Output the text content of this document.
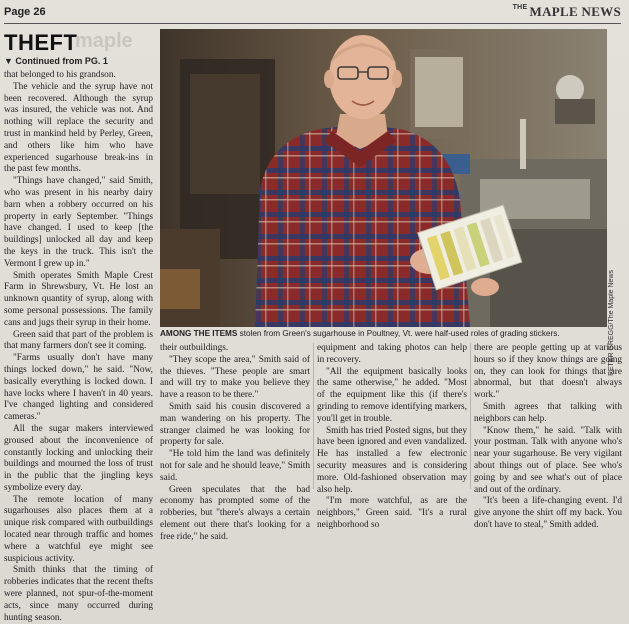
Page 26	$^{THE}$ MAPLE NEWS
THEFT
maple
▼ Continued from PG. 1

that belonged to his grandson.

The vehicle and the syrup have not been recovered. Although the syrup was insured, the vehicle was not. And nothing will replace the security and trust in mankind held by Perley, Green, and others like him who have experienced sugarhouse break-ins in the past few months.

"Things have changed," said Smith, who was present in his nearby dairy barn when a robbery occurred on his property in early September. "Things have changed. I used to keep [the buildings] unlocked all day and keep the keys in the truck. This isn't the Vermont I grew up in."

Smith operates Smith Maple Crest Farm in Shrewsbury, Vt. He lost an unknown quantity of syrup, along with some personal possessions. The family cans and jugs their syrup in their home.

Green said that part of the problem is that many farmers don't see it coming.

"Farms usually don't have many things locked down," he said. "Now, basically everything is locked down. I have locks where I haven't in 40 years. I've changed lighting and considered cameras."

All the sugar makers interviewed groused about the inconvenience of constantly locking and unlocking their buildings and mourned the loss of trust in the public that the jingling keys symbolize every day.

The remote location of many sugarhouses also places them at a unique risk compared with outbuildings located near through traffic and homes where a watchful eye might see suspicious activity.

Smith thinks that the timing of robberies indicates that the recent thefts were planned, not spur-of-the-moment acts, since many occurred during hunting season.

PETER GREGG/The Maple News
AMONG THE ITEMS stolen from Green's sugarhouse in Poultney, Vt. were half-used roles of grading stickers.

their outbuildings.

"They scope the area," Smith said of the thieves. "These people are smart and will try to make you believe they have a reason to be there."

Smith said his cousin discovered a man wandering on his property. The stranger claimed he was looking for property for sale.

"He told him the land was definitely not for sale and he should leave," Smith said.

Green speculates that the bad economy has prompted some of the robberies, but "there's always a certain element out there that's looking for a free ride," he said.

equipment and taking photos can help in recovery.

"All the equipment basically looks the same otherwise," he added. "Most of the equipment like this (if there's grinding to remove identifying markers, you'll get in trouble.

Smith has tried Posted signs, but they have been ignored and even vandalized. He has installed a few electronic security measures and is considering more. Old-fashioned observation may also help.

"I'm more watchful, as are the neighbors," Green said. "It's a rural neighborhood so

there are people getting up at various hours so if they know things are going on, they can look for things that are abnormal, but that doesn't always work."

Smith agrees that talking with neighbors can help.

"Know them," he said. "Talk with your postman. Talk with anyone who's near your sugarhouse. Be very vigilant about things out of place. See who's going by and see what's out of place and out of the ordinary.

"It's been a life-changing event. I'd give anyone the shirt off my back. You don't have to steal," Smith added.
